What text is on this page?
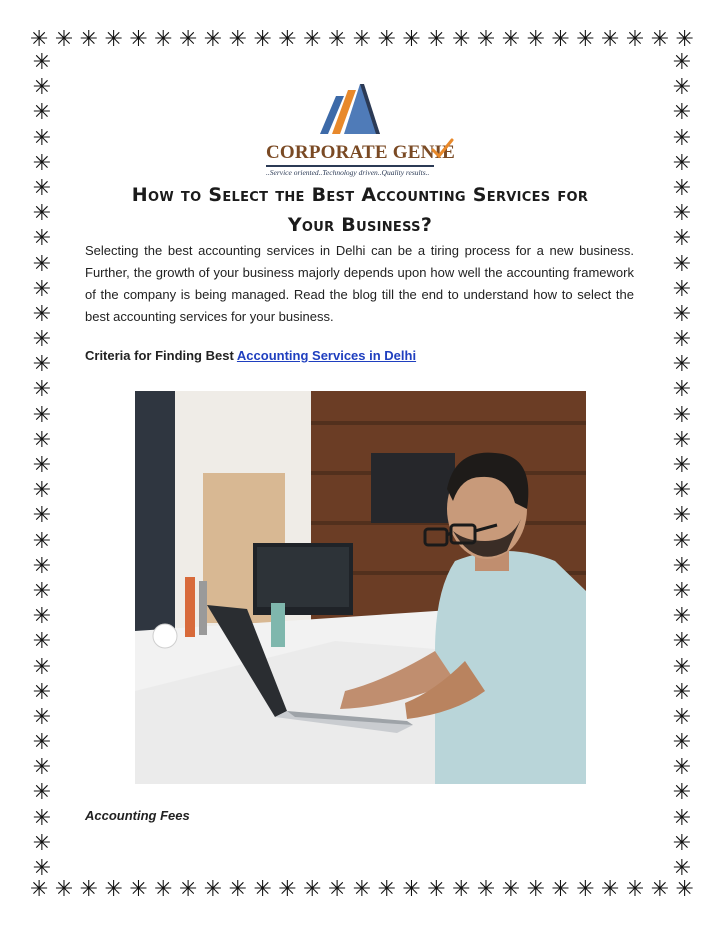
✳ ✳ ✳ ✳ ✳ ✳ ✳ ✳ ✳ ✳ ✳ ✳ ✳ ✳ ✳ ✳ ✳ ✳ ✳ ✳ ✳ ✳ ✳ ✳ ✳ ✳ ✳
✳ ✳ ✳ ✳ ✳ ✳ ✳ ✳ ✳ ✳ ✳ ✳ ✳ ✳ ✳ ✳ ✳ ✳ ✳ ✳ ✳ ✳ ✳ ✳ ✳ ✳ ✳
✳
✳
✳
✳
✳
✳
✳
✳
✳
✳
✳
✳
✳
✳
✳
✳
✳
✳
✳
✳
✳
✳
✳
✳
✳
✳
✳
✳
✳
✳
✳
✳
✳
✳
✳
✳
✳
✳
✳
✳
✳
✳
✳
✳
✳
✳
✳
✳
✳
✳
✳
✳
✳
✳
✳
✳
✳
✳
✳
✳
✳
✳
✳
✳
✳
✳
CORPORATE GENIE
..Service oriented..Technology driven..Quality results..
How to Select the Best Accounting Services for
Your Business?

Selecting the best accounting services in Delhi can be a tiring process for a new business. Further, the growth of your business majorly depends upon how well the accounting framework of the company is being managed. Read the blog till the end to understand how to select the best accounting services for your business.

Criteria for Finding Best Accounting Services in Delhi
Accounting Fees
